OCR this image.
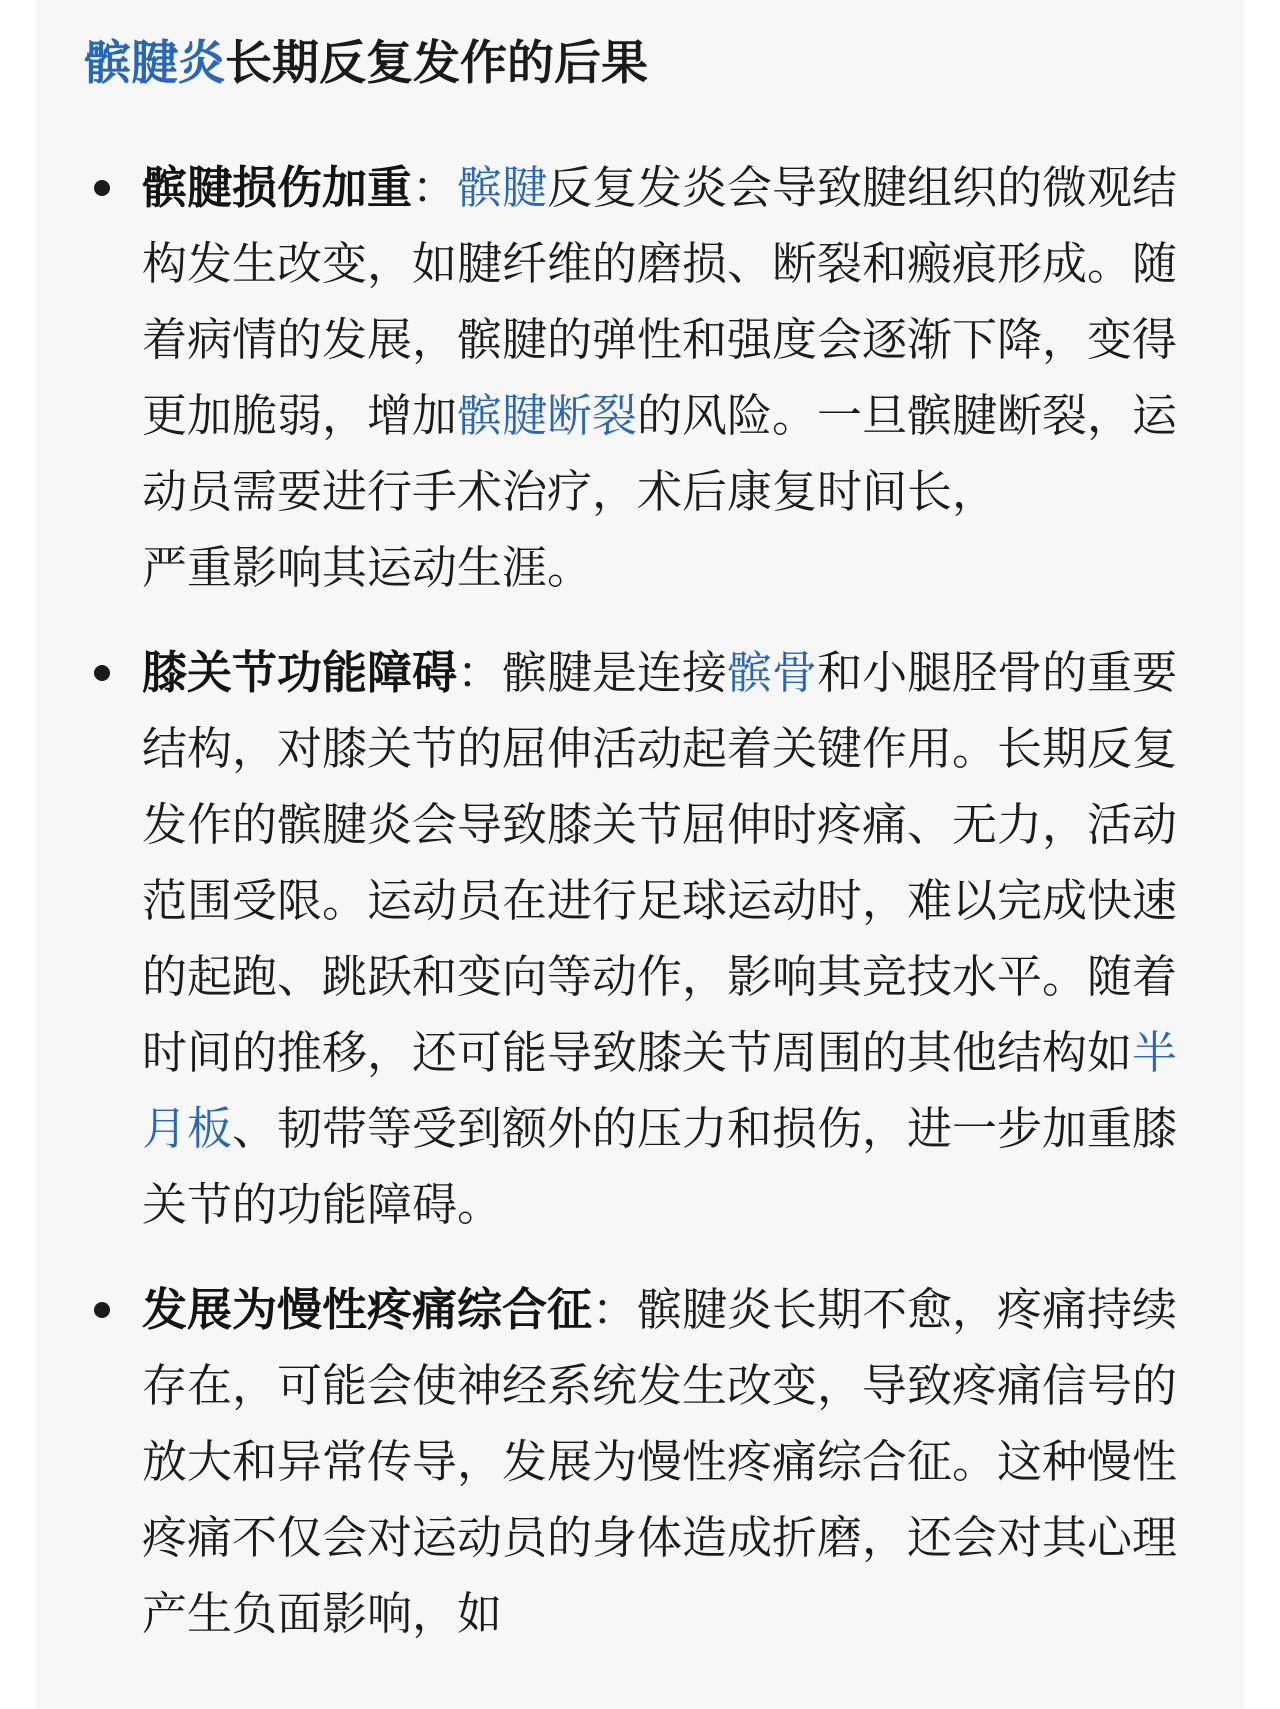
髌腱炎长期反复发作的后果
髌腱损伤加重：髌腱反复发炎会导致腱组织的微观结构发生改变，如腱纤维的磨损、断裂和瘢痕形成。随着病情的发展，髌腱的弹性和强度会逐渐下降，变得更加脆弱，增加髌腱断裂的风险。一旦髌腱断裂，运动员需要进行手术治疗，术后康复时间长，严重影响其运动生涯。
膝关节功能障碍：髌腱是连接髌骨和小腿胫骨的重要结构，对膝关节的屈伸活动起着关键作用。长期反复发作的髌腱炎会导致膝关节屈伸时疼痛、无力，活动范围受限。运动员在进行足球运动时，难以完成快速的起跑、跳跃和变向等动作，影响其竞技水平。随着时间的推移，还可能导致膝关节周围的其他结构如半月板、韧带等受到额外的压力和损伤，进一步加重膝关节的功能障碍。
发展为慢性疼痛综合征：髌腱炎长期不愈，疼痛持续存在，可能会使神经系统发生改变，导致疼痛信号的放大和异常传导，发展为慢性疼痛综合征。这种慢性疼痛不仅会对运动员的身体造成折磨，还会对其心理产生负面影响，如
